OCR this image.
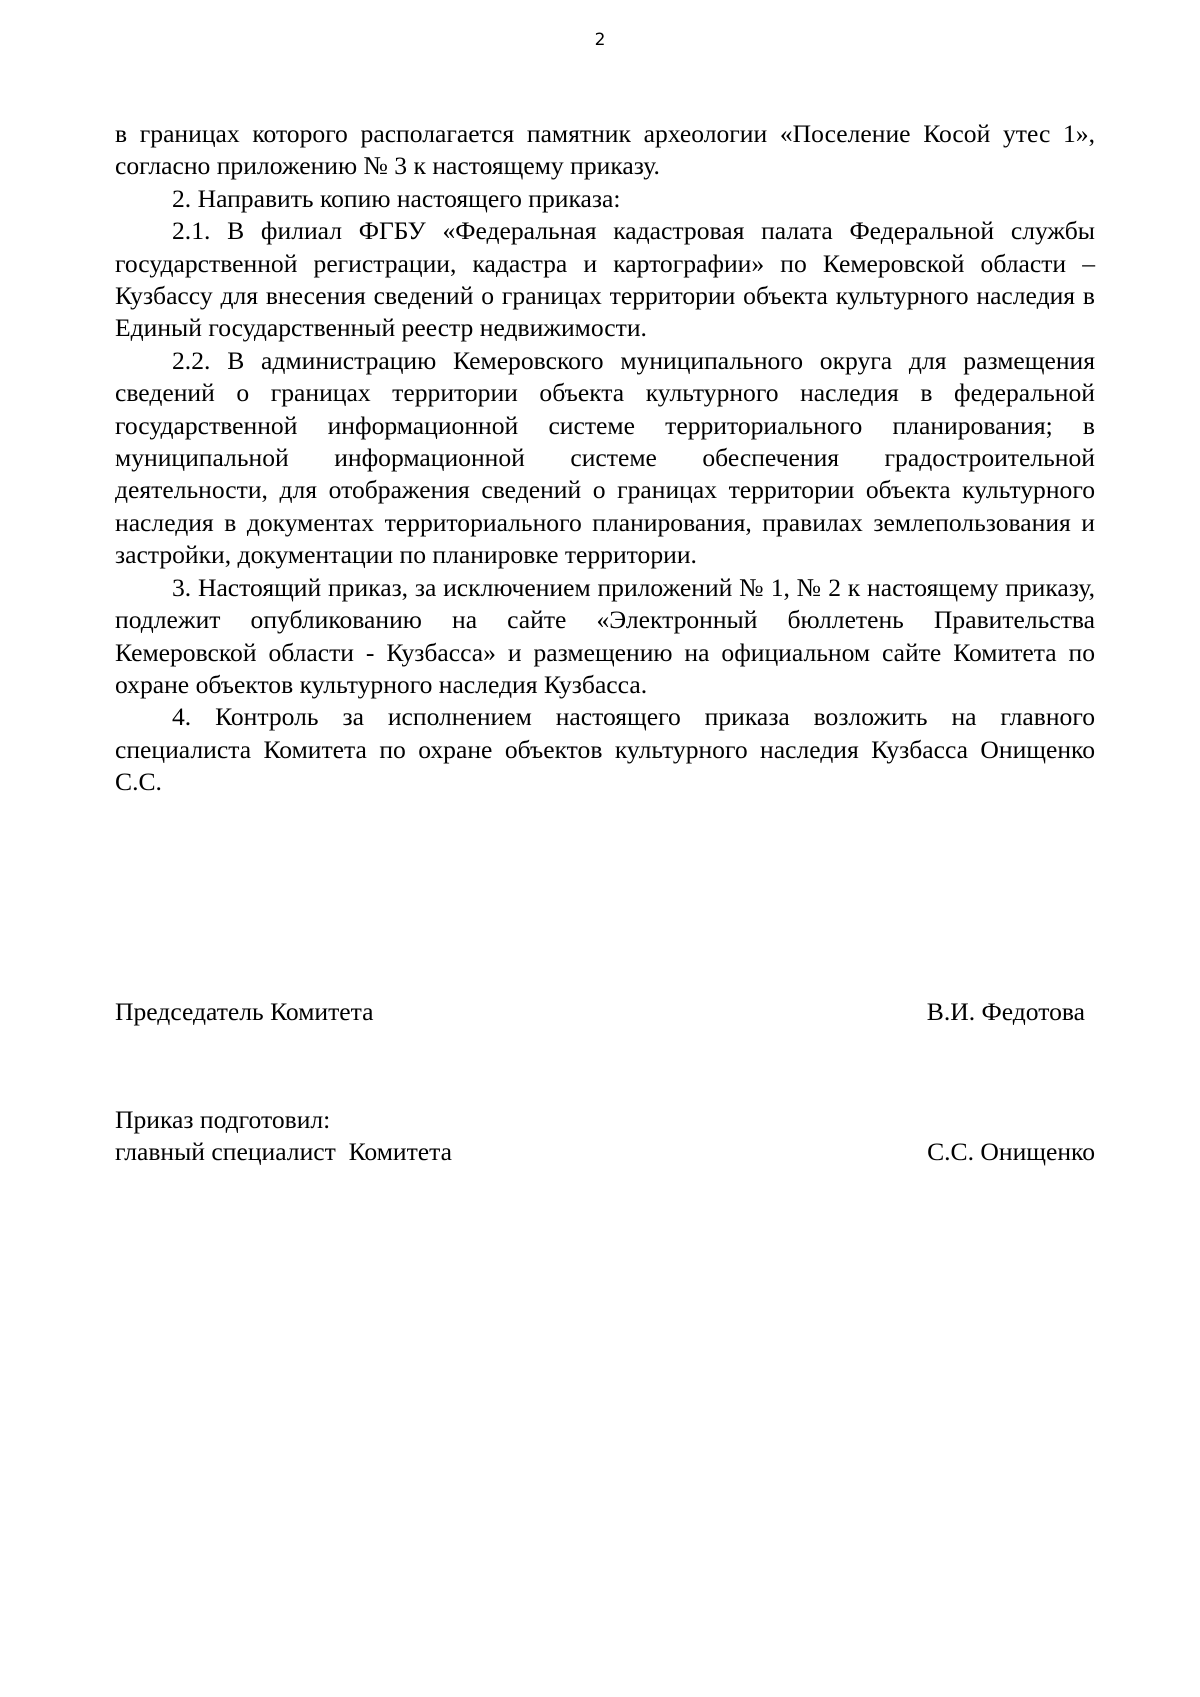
2

в границах которого располагается памятник археологии «Поселение Косой утес 1», согласно приложению № 3 к настоящему приказу.

2. Направить копию настоящего приказа:

2.1. В филиал ФГБУ «Федеральная кадастровая палата Федеральной службы государственной регистрации, кадастра и картографии» по Кемеровской области – Кузбассу для внесения сведений о границах территории объекта культурного наследия в Единый государственный реестр недвижимости.

2.2. В администрацию Кемеровского муниципального округа для размещения сведений о границах территории объекта культурного наследия в федеральной государственной информационной системе территориального планирования; в муниципальной информационной системе обеспечения градостроительной деятельности, для отображения сведений о границах территории объекта культурного наследия в документах территориального планирования, правилах землепользования и застройки, документации по планировке территории.

3. Настоящий приказ, за исключением приложений № 1, № 2 к настоящему приказу, подлежит опубликованию на сайте «Электронный бюллетень Правительства Кемеровской области - Кузбасса» и размещению на официальном сайте Комитета по охране объектов культурного наследия Кузбасса.

4. Контроль за исполнением настоящего приказа возложить на главного специалиста Комитета по охране объектов культурного наследия Кузбасса Онищенко С.С.

Председатель Комитета	В.И. Федотова
Приказ подготовил:
главный специалист  Комитета	С.С. Онищенко
